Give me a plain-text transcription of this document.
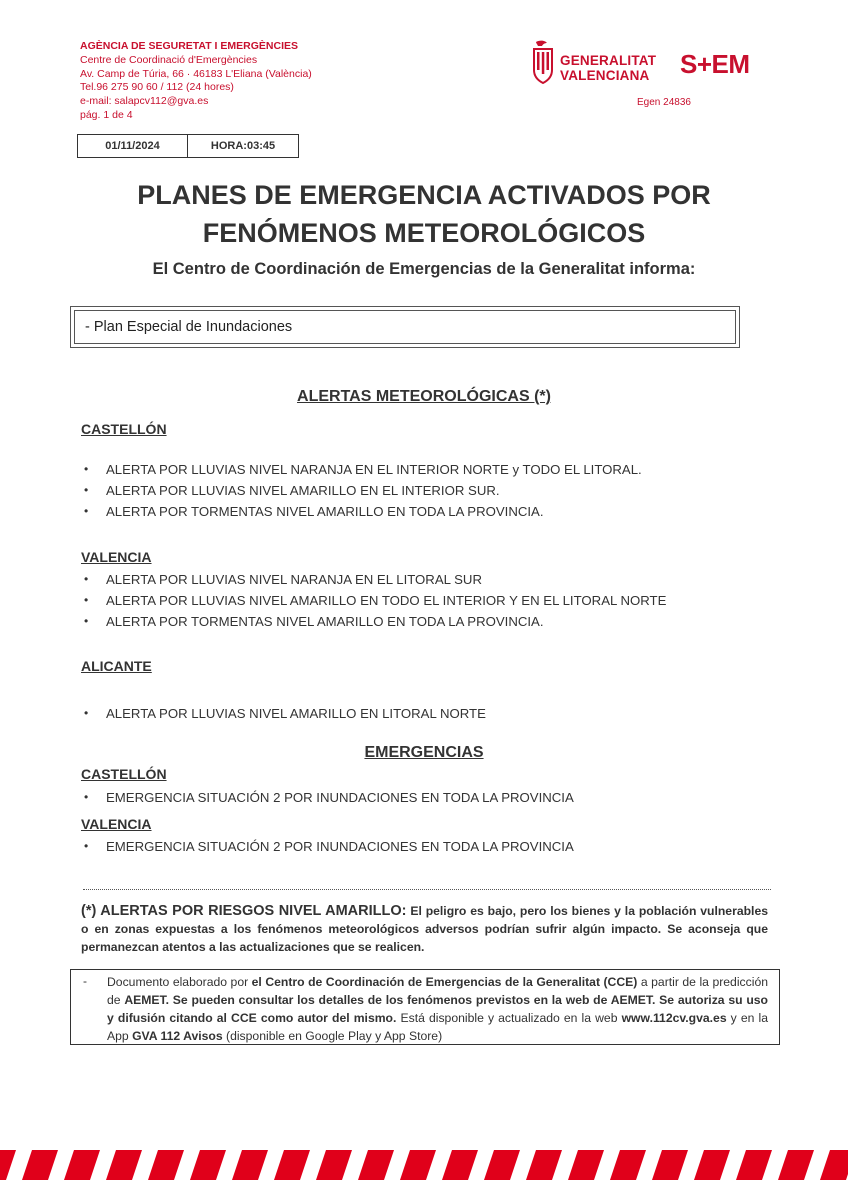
AGÈNCIA DE SEGURETAT I EMERGÈNCIES
Centre de Coordinació d'Emergències
Av. Camp de Túria, 66 · 46183 L'Eliana (València)
Tel.96 275 90 60 / 112 (24 hores)
e-mail: salapcv112@gva.es
pág. 1 de 4
GENERALITAT
VALENCIANA S+EM
Egen 24836
01/11/2024	HORA:03:45
PLANES DE EMERGENCIA ACTIVADOS POR
FENÓMENOS METEOROLÓGICOS
El Centro de Coordinación de Emergencias de la Generalitat informa:
- Plan Especial de Inundaciones
ALERTAS METEOROLÓGICAS (*)
CASTELLÓN
• ALERTA POR LLUVIAS NIVEL NARANJA EN EL INTERIOR NORTE y TODO EL LITORAL.
• ALERTA POR LLUVIAS NIVEL AMARILLO EN EL INTERIOR SUR.
• ALERTA POR TORMENTAS NIVEL AMARILLO EN TODA LA PROVINCIA.
VALENCIA
• ALERTA POR LLUVIAS NIVEL NARANJA EN EL LITORAL SUR
• ALERTA POR LLUVIAS NIVEL AMARILLO EN TODO EL INTERIOR Y EN EL LITORAL NORTE
• ALERTA POR TORMENTAS NIVEL AMARILLO EN TODA LA PROVINCIA.
ALICANTE
• ALERTA POR LLUVIAS NIVEL AMARILLO EN LITORAL NORTE
EMERGENCIAS
CASTELLÓN
• EMERGENCIA SITUACIÓN 2 POR INUNDACIONES EN TODA LA PROVINCIA
VALENCIA
• EMERGENCIA SITUACIÓN 2 POR INUNDACIONES EN TODA LA PROVINCIA
(*) ALERTAS POR RIESGOS NIVEL AMARILLO: El peligro es bajo, pero los bienes y la población vulnerables o en zonas expuestas a los fenómenos meteorológicos adversos podrían sufrir algún impacto. Se aconseja que permanezcan atentos a las actualizaciones que se realicen.
- Documento elaborado por el Centro de Coordinación de Emergencias de la Generalitat (CCE) a partir de la predicción de AEMET. Se pueden consultar los detalles de los fenómenos previstos en la web de AEMET. Se autoriza su uso y difusión citando al CCE como autor del mismo. Está disponible y actualizado en la web www.112cv.gva.es y en la App GVA 112 Avisos (disponible en Google Play y App Store)
